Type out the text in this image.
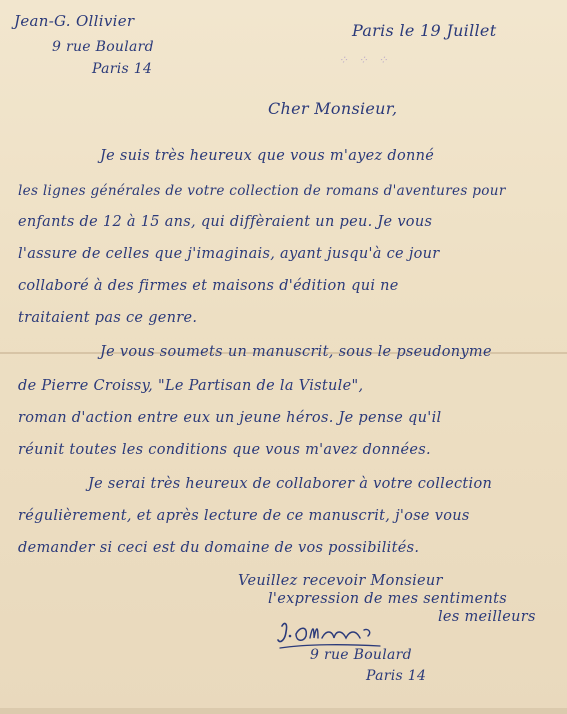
⁘ ⁘ ⁘
Jean-G. Ollivier
9 rue Boulard
Paris 14
Paris le 19 Juillet
Cher Monsieur,
Je suis très heureux que vous m'ayez donné
les lignes générales de votre collection de romans d'aventures pour
enfants de 12 à 15 ans, qui diffèraient un peu. Je vous
l'assure de celles que j'imaginais, ayant jusqu'à ce jour
collaboré à des firmes et maisons d'édition qui ne
traitaient pas ce genre.
Je vous soumets un manuscrit, sous le pseudonyme
de Pierre Croissy, "Le Partisan de la Vistule",
roman d'action entre eux un jeune héros. Je pense qu'il
réunit toutes les conditions que vous m'avez données.
Je serai très heureux de collaborer à votre collection
régulièrement, et après lecture de ce manuscrit, j'ose vous
demander si ceci est du domaine de vos possibilités.
Veuillez recevoir Monsieur
l'expression de mes sentiments
les meilleurs
9 rue Boulard
Paris 14
